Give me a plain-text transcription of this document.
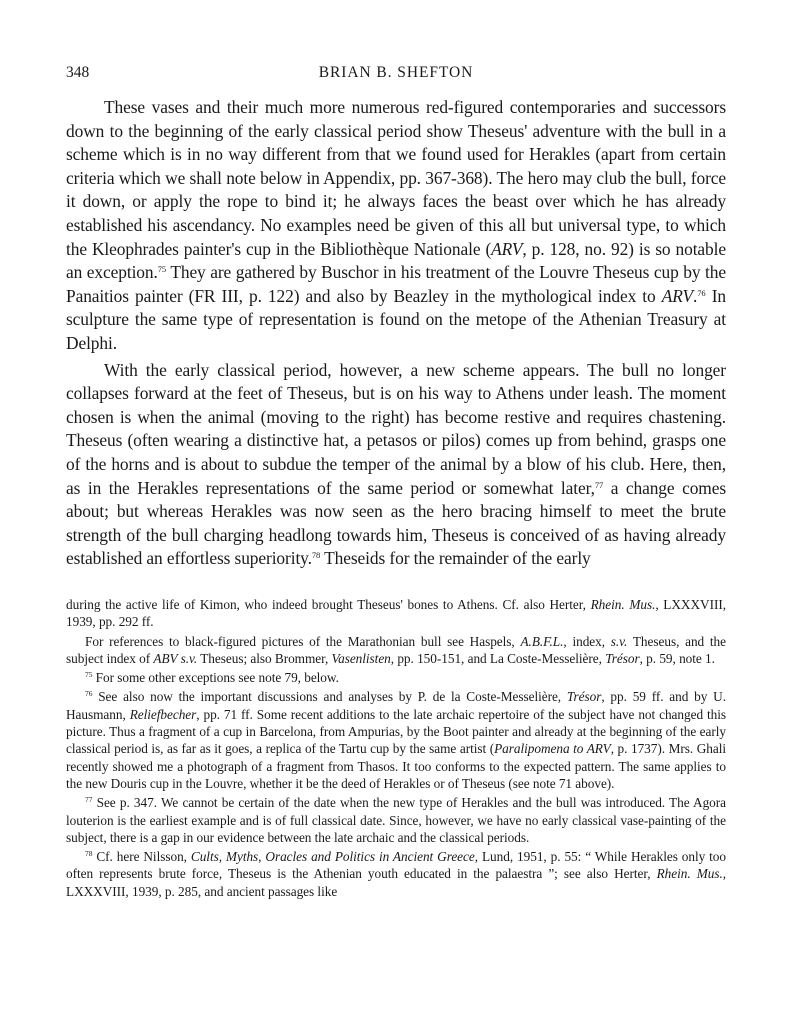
348	BRIAN B. SHEFTON

These vases and their much more numerous red-figured contemporaries and successors down to the beginning of the early classical period show Theseus' adventure with the bull in a scheme which is in no way different from that we found used for Herakles (apart from certain criteria which we shall note below in Appendix, pp. 367-368). The hero may club the bull, force it down, or apply the rope to bind it; he always faces the beast over which he has already established his ascendancy. No examples need be given of this all but universal type, to which the Kleophrades painter's cup in the Bibliothèque Nationale (ARV, p. 128, no. 92) is so notable an exception.$^{75}$ They are gathered by Buschor in his treatment of the Louvre Theseus cup by the Panaitios painter (FR III, p. 122) and also by Beazley in the mythological index to ARV.$^{76}$ In sculpture the same type of representation is found on the metope of the Athenian Treasury at Delphi.

With the early classical period, however, a new scheme appears. The bull no longer collapses forward at the feet of Theseus, but is on his way to Athens under leash. The moment chosen is when the animal (moving to the right) has become restive and requires chastening. Theseus (often wearing a distinctive hat, a petasos or pilos) comes up from behind, grasps one of the horns and is about to subdue the temper of the animal by a blow of his club. Here, then, as in the Herakles representations of the same period or somewhat later,$^{77}$ a change comes about; but whereas Herakles was now seen as the hero bracing himself to meet the brute strength of the bull charging headlong towards him, Theseus is conceived of as having already established an effortless superiority.$^{78}$ Theseids for the remainder of the early

during the active life of Kimon, who indeed brought Theseus' bones to Athens. Cf. also Herter, Rhein. Mus., LXXXVIII, 1939, pp. 292 ff.

For references to black-figured pictures of the Marathonian bull see Haspels, A.B.F.L., index, s.v. Theseus, and the subject index of ABV s.v. Theseus; also Brommer, Vasenlisten, pp. 150-151, and La Coste-Messelière, Trésor, p. 59, note 1.

$^{75}$ For some other exceptions see note 79, below.

$^{76}$ See also now the important discussions and analyses by P. de la Coste-Messelière, Trésor, pp. 59 ff. and by U. Hausmann, Reliefbecher, pp. 71 ff. Some recent additions to the late archaic repertoire of the subject have not changed this picture. Thus a fragment of a cup in Barcelona, from Ampurias, by the Boot painter and already at the beginning of the early classical period is, as far as it goes, a replica of the Tartu cup by the same artist (Paralipomena to ARV, p. 1737). Mrs. Ghali recently showed me a photograph of a fragment from Thasos. It too conforms to the expected pattern. The same applies to the new Douris cup in the Louvre, whether it be the deed of Herakles or of Theseus (see note 71 above).

$^{77}$ See p. 347. We cannot be certain of the date when the new type of Herakles and the bull was introduced. The Agora louterion is the earliest example and is of full classical date. Since, however, we have no early classical vase-painting of the subject, there is a gap in our evidence between the late archaic and the classical periods.

$^{78}$ Cf. here Nilsson, Cults, Myths, Oracles and Politics in Ancient Greece, Lund, 1951, p. 55: “ While Herakles only too often represents brute force, Theseus is the Athenian youth educated in the palaestra ”; see also Herter, Rhein. Mus., LXXXVIII, 1939, p. 285, and ancient passages like
